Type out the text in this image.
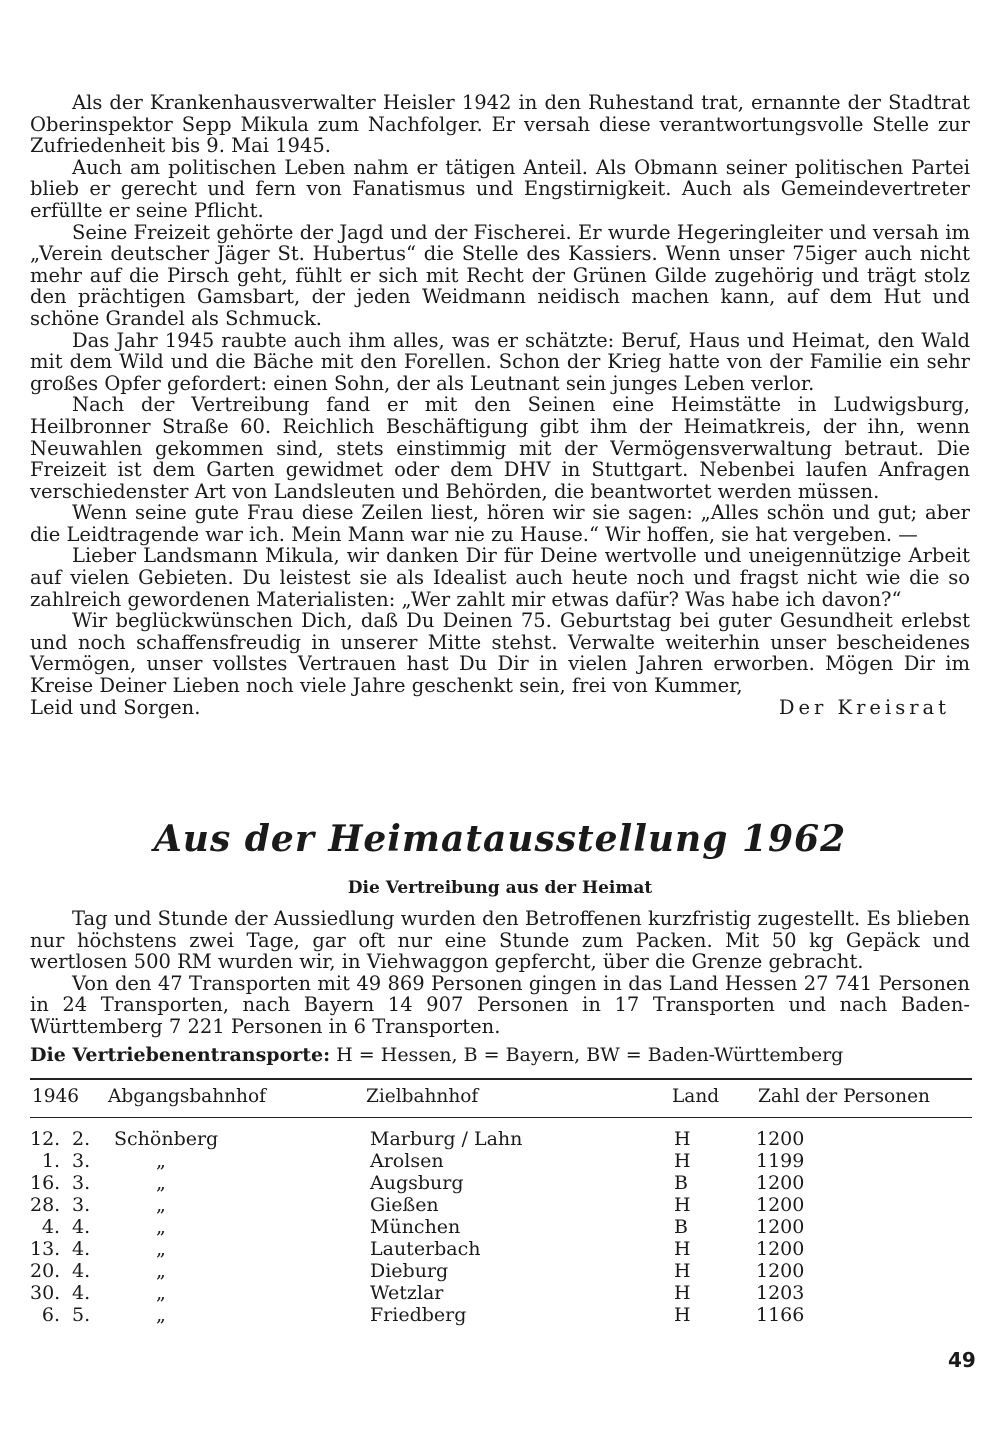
Als der Krankenhausverwalter Heisler 1942 in den Ruhestand trat, ernannte der Stadtrat Oberinspektor Sepp Mikula zum Nachfolger. Er versah diese verantwortungsvolle Stelle zur Zufriedenheit bis 9. Mai 1945.

Auch am politischen Leben nahm er tätigen Anteil. Als Obmann seiner politischen Partei blieb er gerecht und fern von Fanatismus und Engstirnigkeit. Auch als Gemeindevertreter erfüllte er seine Pflicht.

Seine Freizeit gehörte der Jagd und der Fischerei. Er wurde Hegeringleiter und versah im „Verein deutscher Jäger St. Hubertus“ die Stelle des Kassiers. Wenn unser 75iger auch nicht mehr auf die Pirsch geht, fühlt er sich mit Recht der Grünen Gilde zugehörig und trägt stolz den prächtigen Gamsbart, der jeden Weidmann neidisch machen kann, auf dem Hut und schöne Grandel als Schmuck.

Das Jahr 1945 raubte auch ihm alles, was er schätzte: Beruf, Haus und Heimat, den Wald mit dem Wild und die Bäche mit den Forellen. Schon der Krieg hatte von der Familie ein sehr großes Opfer gefordert: einen Sohn, der als Leutnant sein junges Leben verlor.

Nach der Vertreibung fand er mit den Seinen eine Heimstätte in Ludwigsburg, Heilbronner Straße 60. Reichlich Beschäftigung gibt ihm der Heimatkreis, der ihn, wenn Neuwahlen gekommen sind, stets einstimmig mit der Vermögensverwaltung betraut. Die Freizeit ist dem Garten gewidmet oder dem DHV in Stuttgart. Nebenbei laufen Anfragen verschiedenster Art von Landsleuten und Behörden, die beantwortet werden müssen.

Wenn seine gute Frau diese Zeilen liest, hören wir sie sagen: „Alles schön und gut; aber die Leidtragende war ich. Mein Mann war nie zu Hause.“ Wir hoffen, sie hat vergeben. —

Lieber Landsmann Mikula, wir danken Dir für Deine wertvolle und uneigennützige Arbeit auf vielen Gebieten. Du leistest sie als Idealist auch heute noch und fragst nicht wie die so zahlreich gewordenen Materialisten: „Wer zahlt mir etwas dafür? Was habe ich davon?“

Wir beglückwünschen Dich, daß Du Deinen 75. Geburtstag bei guter Gesundheit erlebst und noch schaffensfreudig in unserer Mitte stehst. Verwalte weiterhin unser bescheidenes Vermögen, unser vollstes Vertrauen hast Du Dir in vielen Jahren erworben. Mögen Dir im Kreise Deiner Lieben noch viele Jahre geschenkt sein, frei von Kummer,

Leid und Sorgen.	Der Kreisrat

Aus der Heimatausstellung 1962
Die Vertreibung aus der Heimat

Tag und Stunde der Aussiedlung wurden den Betroffenen kurzfristig zugestellt. Es blieben nur höchstens zwei Tage, gar oft nur eine Stunde zum Packen. Mit 50 kg Gepäck und wertlosen 500 RM wurden wir, in Viehwaggon gepfercht, über die Grenze gebracht.

Von den 47 Transporten mit 49 869 Personen gingen in das Land Hessen 27 741 Personen in 24 Transporten, nach Bayern 14 907 Personen in 17 Transporten und nach Baden-Württemberg 7 221 Personen in 6 Transporten.

Die Vertriebenentransporte: H = Hessen, B = Bayern, BW = Baden-Württemberg
1946 Abgangsbahnhof	Zielbahnhof	Land Zahl der Personen
12. 2. Schönberg	Marburg / Lahn	H	1200
1. 3.	„	Arolsen	H	1199
16. 3.	„	Augsburg	B	1200
28. 3.	„	Gießen	H	1200
4. 4.	„	München	B	1200
13. 4.	„	Lauterbach	H	1200
20. 4.	„	Dieburg	H	1200
30. 4.	„	Wetzlar	H	1203
6. 5.	„	Friedberg	H	1166
49
